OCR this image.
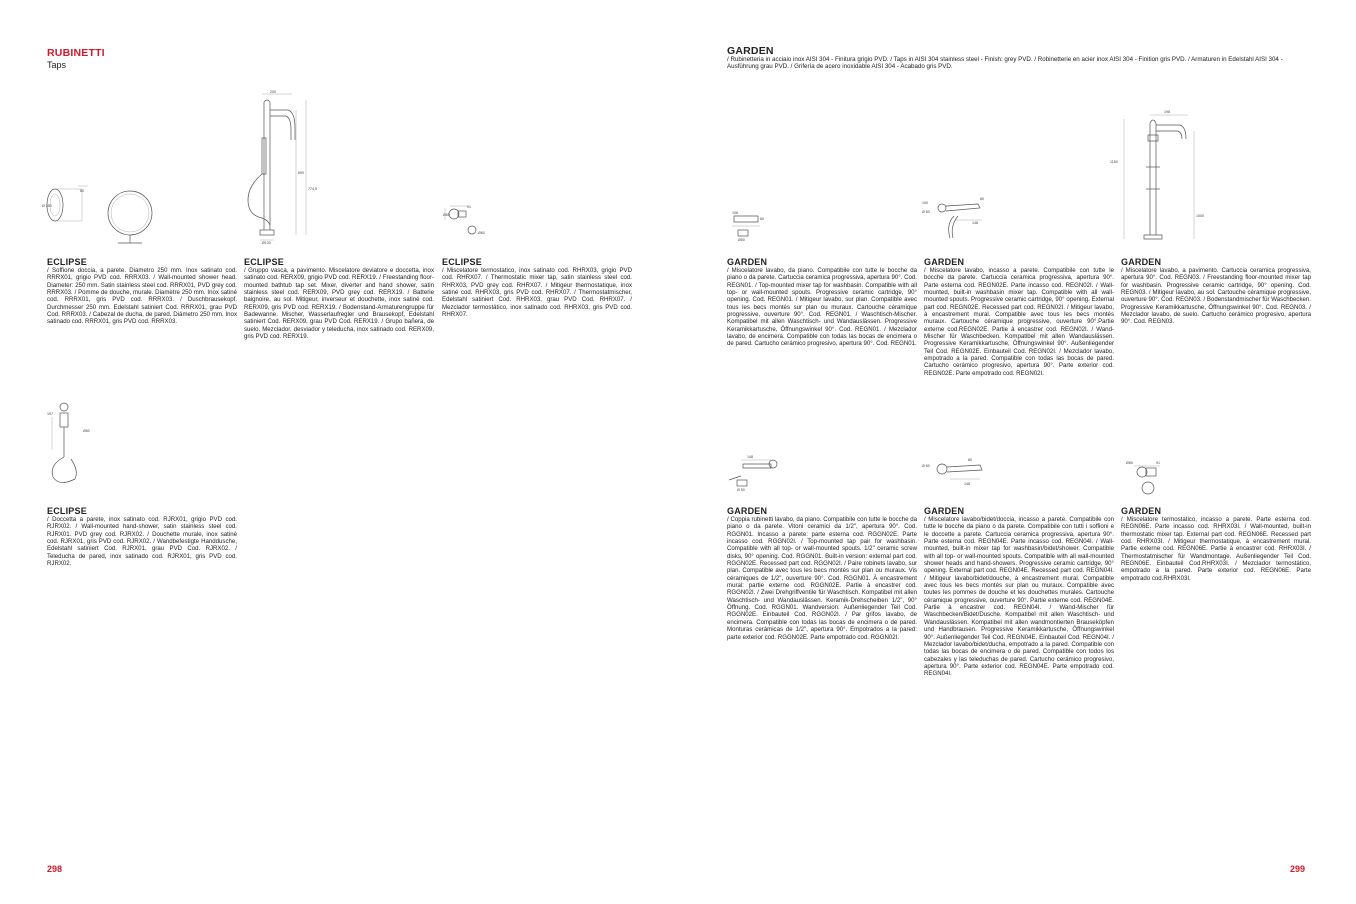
RUBINETTI
Taps
GARDEN
/ Rubinetteria in acciaio inox AISI 304 - Finitura grigio PVD. / Taps in AISI 304 stainless steel - Finish: grey PVD. / Robinetterie en acier inox AISI 304 - Finition gris PVD. / Armaturen in Edelstahl AISI 304 - Ausführung grau PVD. / Grifería de acero inoxidable AISI 304 - Acabado gris PVD.
80
Ø 250
200
690
774,5
Ø130
Ø65
91
Ø60
197
Ø60
106
60
Ø50
100
Ø 60
80
148
198
1150
1000
148
Ø 50
Ø 60
80
148
Ø65	91
ECLIPSE
/ Soffione doccia, a parete. Diametro 250 mm. Inox satinato cod. RRRX01, grigio PVD cod. RRRX03. / Wall-mounted shower head. Diameter: 250 mm. Satin stainless steel cod. RRRX01, PVD grey cod. RRRX03. / Pomme de douche, murale. Diamètre 250 mm. Inox satiné cod. RRRX01, gris PVD cod. RRRX03. / Duschbrausekopf. Durchmesser 250 mm. Edelstahl satiniert Cod. RRRX01, grau PVD Cod. RRRX03. / Cabezal de ducha, de pared. Diámetro 250 mm. Inox satinado cod. RRRX01, gris PVD cod. RRRX03.
ECLIPSE
/ Gruppo vasca, a pavimento. Miscelatore deviatore e doccetta, inox satinato cod. RERX09, grigio PVD cod. RERX19. / Freestanding floor-mounted bathtub tap set. Mixer, diverter and hand shower, satin stainless steel cod. RERX09, PVD grey cod. RERX19. / Batterie baignoire, au sol. Mitigeur, inverseur et douchette, inox satiné cod. RERX09, gris PVD cod. RERX19. / Bodenstand-Armaturengruppe für Badewanne. Mischer, Wasserlaufregler und Brausekopf, Edelstahl satiniert Cod. RERX09, grau PVD Cod. RERX19. / Grupo bañera, de suelo. Mezclador, desviador y teleducha, inox satinado cod. RERX09, gris PVD cod. RERX19.
ECLIPSE
/ Miscelatore termostatico, inox satinato cod. RHRX03, grigio PVD cod. RHRX07. / Thermostatic mixer tap, satin stainless steel cod. RHRX03, PVD grey cod. RHRX07. / Mitigeur thermostatique, inox satiné cod. RHRX03, gris PVD cod. RHRX07. / Thermostatmischer, Edelstahl satiniert Cod. RHRX03, grau PVD Cod. RHRX07. / Mezclador termostático, inox satinado cod. RHRX03, gris PVD cod. RHRX07.
ECLIPSE
/ Doccetta a parete, inox satinato cod. RJRX01, grigio PVD cod. RJRX02. / Wall-mounted hand-shower, satin stainless steel cod. RJRX01. PVD grey cod. RJRX02. / Douchette murale, inox satiné cod. RJRX01, gris PVD cod. RJRX02. / Wandbefestigte Handdusche, Edelstahl satiniert Cod. RJRX01, grau PVD Cod. RJRX02. / Teleducha de pared, inox satinado cod. RJRX01, gris PVD cod. RJRX02.
GARDEN
/ Miscelatore lavabo, da piano. Compatibile con tutte le bocche da piano o da parete. Cartuccia ceramica progressiva, apertura 90°. Cod. REGN01. / Top-mounted mixer tap for washbasin. Compatible with all top- or wall-mounted spouts. Progressive ceramic cartridge, 90° opening. Cod. REGN01. / Mitigeur lavabo, sur plan. Compatible avec tous les becs montés sur plan ou muraux. Cartouche céramique progressive, ouverture 90°. Cod. REGN01. / Waschtisch-Mischer. Kompatibel mit allen Waschtisch- und Wandauslässen. Progressive Keramikkartusche, Öffnungswinkel 90°. Cod. REGN01. / Mezclador lavabo, de encimera. Compatible con todas las bocas de encimera o de pared. Cartucho cerámico progresivo, apertura 90°. Cod. REGN01.
GARDEN
/ Miscelatore lavabo, incasso a parete. Compatibile con tutte le bocche da parete. Cartuccia ceramica progressiva, apertura 90°. Parte esterna cod. REGN02E. Parte incasso cod. REGN02I. / Wall-mounted, built-in washbasin mixer tap. Compatible with all wall-mounted spouts. Progressive ceramic cartridge, 90° opening. External part cod. REGN02E. Recessed part cod. REGN02I. / Mitigeur lavabo, à encastrement mural. Compatible avec tous les becs montés muraux. Cartouche céramique progressive, ouverture 90°.Partie externe cod.REGN02E. Partie à encastrer cod. REGN02I. / Wand-Mischer für Waschbecken. Kompatibel mit allen Wandauslässen. Progressive Keramikkartusche, Öffnungswinkel 90°. Außenliegender Teil Cod. REGN02E. Einbauteil Cod. REGN02I. / Mezclador lavabo, empotrado a la pared. Compatible con todas las bocas de pared. Cartucho cerámico progresivo, apertura 90°. Parte exterior cod. REGN02E. Parte empotrado cod. REGN02I.
GARDEN
/ Miscelatore lavabo, a pavimento. Cartuccia ceramica progressiva, apertura 90°. Cod. REGN03. / Freestanding floor-mounted mixer tap for washbasin. Progressive ceramic cartridge, 90° opening. Cod. REGN03. / Mitigeur lavabo, au sol. Cartouche céramique progressive, ouverture 90°. Cod. REGN03. / Bodenstandmischer für Waschbecken. Progressive Keramikkartusche, Öffnungswinkel 90°. Cod. REGN03. / Mezclador lavabo, de suelo. Cartucho cerámico progresivo, apertura 90°. Cod. REGN03.
GARDEN
/ Coppia rubinetti lavabo, da piano. Compatibile con tutte le bocche da piano o da parete. Vitoni ceramici da 1/2", apertura 90°. Cod. RGGN01. Incasso a parete: parte esterna cod. RGGN02E. Parte incasso cod. RGGN02I. / Top-mounted tap pair for washbasin. Compatible with all top- or wall-mounted spouts. 1/2" ceramic screw disks, 90° opening. Cod. RGGN01. Built-in version: external part cod. RGGN02E. Recessed part cod. RGGN02I. / Paire robinets lavabo, sur plan. Compatible avec tous les becs montés sur plan ou muraux. Vis céramiques de 1/2", ouverture 90°. Cod. RGGN01. À encastrement mural: partie externe cod. RGGN02E. Partie à encastrer cod. RGGN02I. / Zwei Drehgriffventile für Waschtisch. Kompatibel mit allen Waschtisch- und Wandauslässen. Keramik-Drehscheiben 1/2", 90° Öffnung. Cod. RGGN01. Wandversion: Außenliegender Teil Cod. RGGN02E. Einbauteil Cod. RGGN02I. / Par grifos lavabo, de encimera. Compatible con todas las bocas de encimera o de pared. Monturas cerámicas de 1/2", apertura 90°. Empotrados a la pared: parte exterior cod. RGGN02E. Parte empotrado cod. RGGN02I.
GARDEN
/ Miscelatore lavabo/bidet/doccia, incasso a parete. Compatibile con tutte le bocche da piano o da parete. Compatibile con tutti i soffioni e le doccette a parete. Cartuccia ceramica progressiva, apertura 90°. Parte esterna cod. REGN04E. Parte incasso cod. REGN04I. / Wall-mounted, built-in mixer tap for washbasin/bidet/shower. Compatible with all top- or wall-mounted spouts. Compatible with all wall-mounted shower heads and hand-showers. Progressive ceramic cartridge, 90° opening. External part cod. REGN04E. Recessed part cod. REGN04I. / Mitigeur lavabo/bidet/douche, à encastrement mural. Compatible avec tous les becs montés sur plan ou muraux. Compatible avec toutes les pommes de douche et les douchettes murales. Cartouche céramique progressive, ouverture 90°. Partie externe cod. REGN04E. Partie à encastrer cod. REGN04I. / Wand-Mischer für Waschbecken/Bidet/Dusche. Kompatibel mit allen Waschtisch- und Wandauslässen. Kompatibel mit allen wandmontierten Brauseköpfen und Handbrausen. Progressive Keramikkartusche, Öffnungswinkel 90°. Außenliegender Teil Cod. REGN04E. Einbauteil Cod. REGN04I. / Mezclador lavabo/bidet/ducha, empotrado a la pared. Compatible con todas las bocas de encimera o de pared. Compatible con todos los cabezales y las teleduchas de pared. Cartucho cerámico progresivo, apertura 90°. Parte exterior cod. REGN04E. Parte empotrado cod. REGN04I.
GARDEN
/ Miscelatore termostatico, incasso a parete. Parte esterna cod. REGN06E. Parte incasso cod. RHRX03I. / Wall-mounted, built-in thermostatic mixer tap. External part cod. REGN06E. Recessed part cod. RHRX03I. / Mitigeur thermostatique, à encastrement mural. Partie externe cod. REGN06E. Partie à encastrer cod. RHRX03I. / Thermostatmischer für Wandmontage. Außenliegender Teil Cod. REGN06E. Einbauteil Cod.RHRX03I. / Mezclador termostático, empotrado a la pared. Parte exterior cod. REGN06E. Parte empotrado cod.RHRX03I.
298	299
